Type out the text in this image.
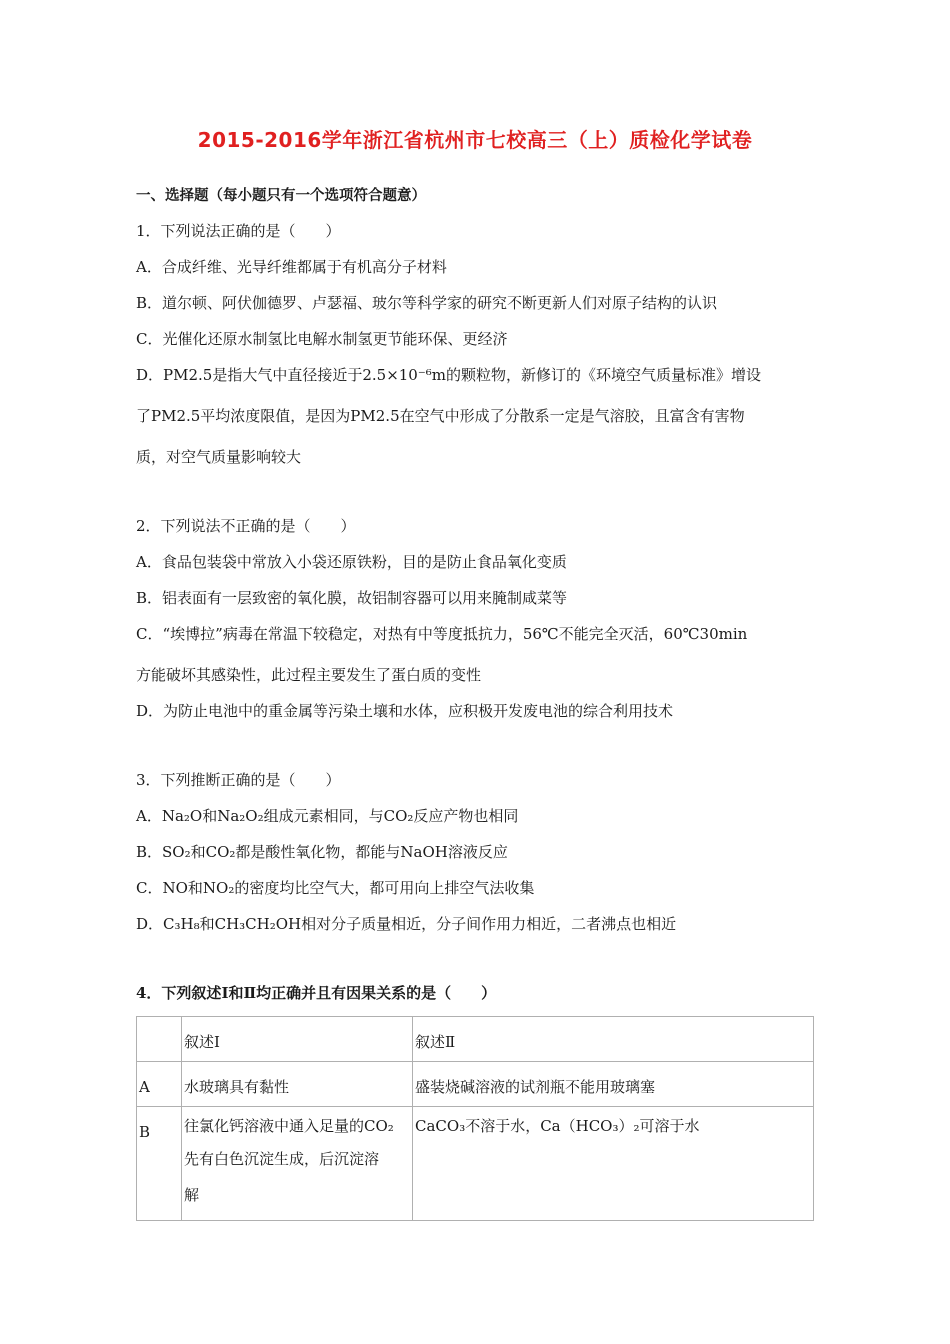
2015-2016学年浙江省杭州市七校高三（上）质检化学试卷
一、选择题（每小题只有一个选项符合题意）
1．下列说法正确的是（　　）
A．合成纤维、光导纤维都属于有机高分子材料
B．道尔顿、阿伏伽德罗、卢瑟福、玻尔等科学家的研究不断更新人们对原子结构的认识
C．光催化还原水制氢比电解水制氢更节能环保、更经济
D．PM2.5是指大气中直径接近于2.5×10⁻⁶m的颗粒物，新修订的《环境空气质量标准》增设
了PM2.5平均浓度限值，是因为PM2.5在空气中形成了分散系一定是气溶胶，且富含有害物
质，对空气质量影响较大
2．下列说法不正确的是（　　）
A．食品包装袋中常放入小袋还原铁粉，目的是防止食品氧化变质
B．铝表面有一层致密的氧化膜，故铝制容器可以用来腌制咸菜等
C．“埃博拉”病毒在常温下较稳定，对热有中等度抵抗力，56℃不能完全灭活，60℃30min
方能破坏其感染性，此过程主要发生了蛋白质的变性
D．为防止电池中的重金属等污染土壤和水体，应积极开发废电池的综合利用技术
3．下列推断正确的是（　　）
A．Na₂O和Na₂O₂组成元素相同，与CO₂反应产物也相同
B．SO₂和CO₂都是酸性氧化物，都能与NaOH溶液反应
C．NO和NO₂的密度均比空气大，都可用向上排空气法收集
D．C₃H₈和CH₃CH₂OH相对分子质量相近，分子间作用力相近，二者沸点也相近
4．下列叙述Ⅰ和Ⅱ均正确并且有因果关系的是（　　）
	叙述Ⅰ	叙述Ⅱ
A	水玻璃具有黏性	盛装烧碱溶液的试剂瓶不能用玻璃塞
B	往氯化钙溶液中通入足量的CO₂
先有白色沉淀生成，后沉淀溶
解	CaCO₃不溶于水，Ca（HCO₃）₂可溶于水
